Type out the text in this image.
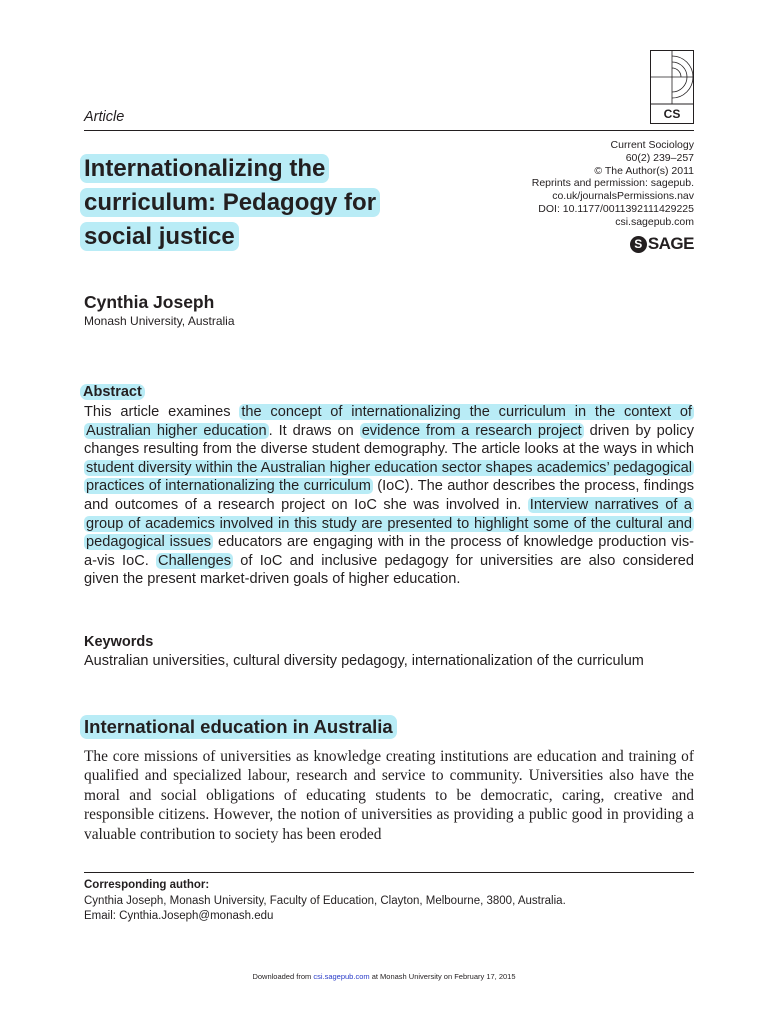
CS
Article
Current Sociology
60(2) 239–257
© The Author(s) 2011
Reprints and permission: sagepub.
co.uk/journalsPermissions.nav
DOI: 10.1177/0011392111429225
csi.sagepub.com
S SAGE
Internationalizing the
curriculum: Pedagogy for
social justice
Cynthia Joseph
Monash University, Australia
Abstract
This article examines the concept of internationalizing the curriculum in the context of Australian higher education . It draws on evidence from a research project driven by policy changes resulting from the diverse student demography. The article looks at the ways in which student diversity within the Australian higher education sector shapes academics’ pedagogical practices of internationalizing the curriculum (IoC). The author describes the process, findings and outcomes of a research project on IoC she was involved in. Interview narratives of a group of academics involved in this study are presented to highlight some of the cultural and pedagogical issues educators are engaging with in the process of knowledge production vis-a-vis IoC. Challenges of IoC and inclusive pedagogy for universities are also considered given the present market-driven goals of higher education.
Keywords
Australian universities, cultural diversity pedagogy, internationalization of the curriculum
International education in Australia
The core missions of universities as knowledge creating institutions are education and training of qualified and specialized labour, research and service to community. Universities also have the moral and social obligations of educating students to be democratic, caring, creative and responsible citizens. However, the notion of universities as providing a public good in providing a valuable contribution to society has been eroded
Corresponding author:
Cynthia Joseph, Monash University, Faculty of Education, Clayton, Melbourne, 3800, Australia.
Email: Cynthia.Joseph@monash.edu
Downloaded from csi.sagepub.com at Monash University on February 17, 2015
